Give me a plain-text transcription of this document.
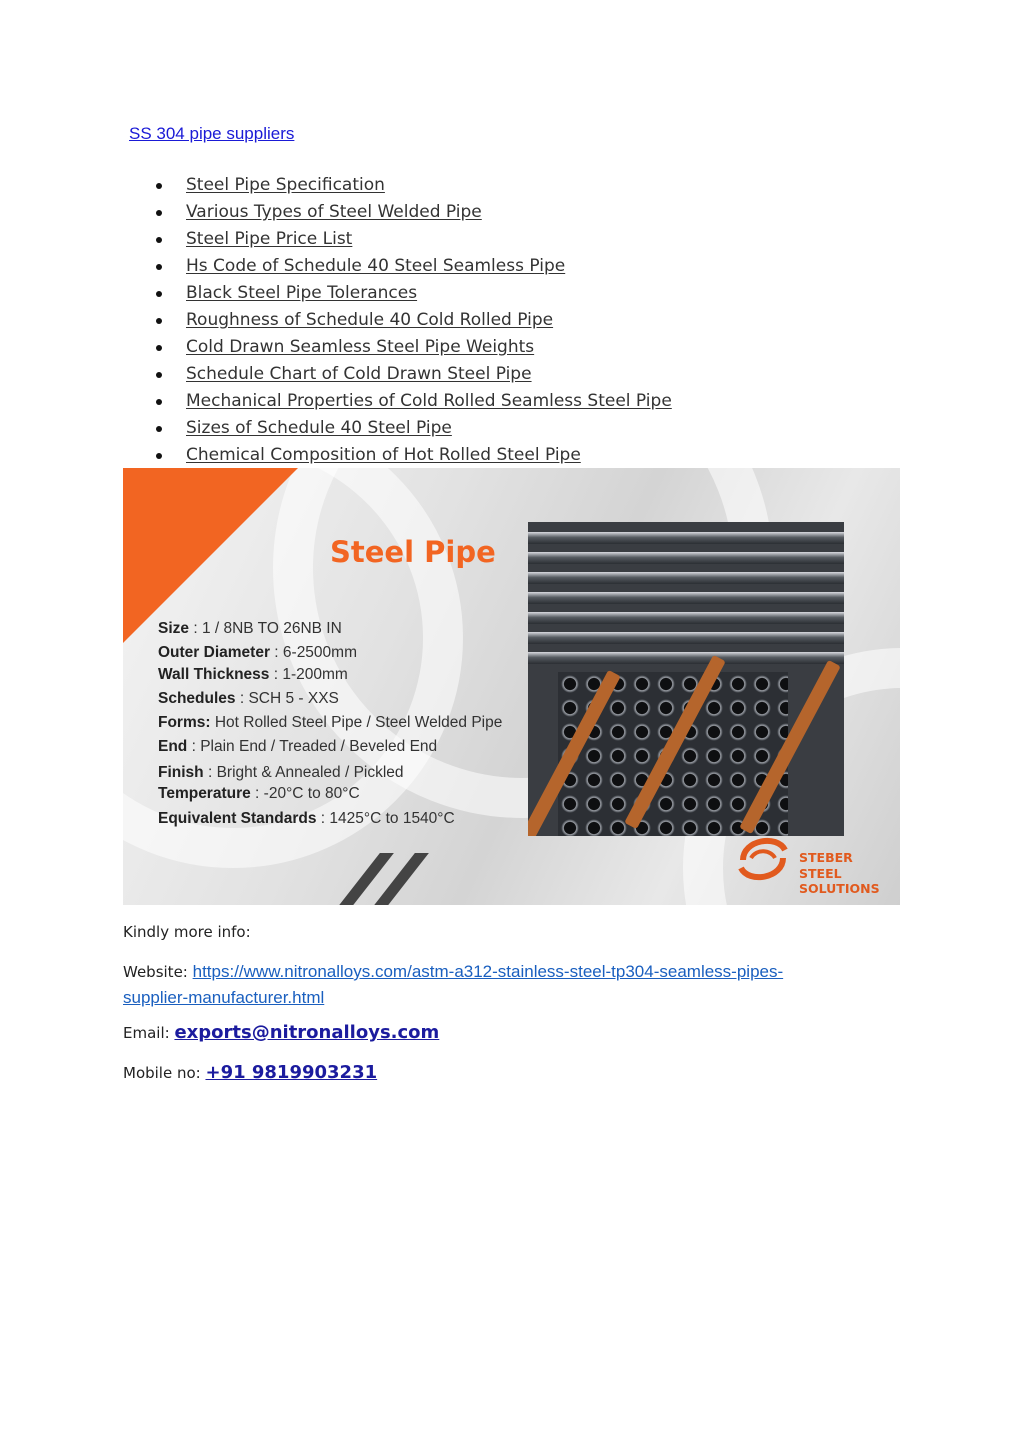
SS 304 pipe suppliers
Steel Pipe Specification
Various Types of Steel Welded Pipe
Steel Pipe Price List
Hs Code of Schedule 40 Steel Seamless Pipe
Black Steel Pipe Tolerances
Roughness of Schedule 40 Cold Rolled Pipe
Cold Drawn Seamless Steel Pipe Weights
Schedule Chart of Cold Drawn Steel Pipe
Mechanical Properties of Cold Rolled Seamless Steel Pipe
Sizes of Schedule 40 Steel Pipe
Chemical Composition of Hot Rolled Steel Pipe
Steel Pipe
Size : 1 / 8NB TO 26NB IN
Outer Diameter : 6-2500mm
Wall Thickness : 1-200mm
Schedules : SCH 5 - XXS
Forms: Hot Rolled Steel Pipe / Steel Welded Pipe
End : Plain End / Treaded / Beveled End
Finish : Bright & Annealed / Pickled
Temperature : -20°C to 80°C
Equivalent Standards : 1425°C to 1540°C
STEBER
STEEL
SOLUTIONS
Kindly more info:
Website: https://www.nitronalloys.com/astm-a312-stainless-steel-tp304-seamless-pipes-
supplier-manufacturer.html
Email: exports@nitronalloys.com
Mobile no: +91 9819903231
